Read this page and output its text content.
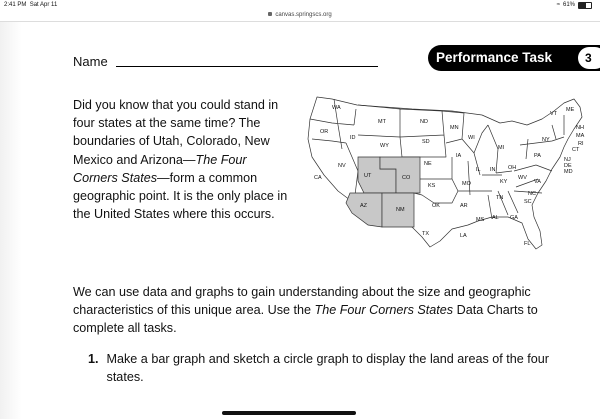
2:41 PM Sat Apr 11	≈ 61%
canvas.springscs.org
Name	Performance Task	3
Did you know that you could stand in four states at the same time? The boundaries of Utah, Colorado, New Mexico and Arizona—The Four Corners States—form a common geographic point. It is the only place in the United States where this occurs.
WA
OR
CA
ID
NV
MT
WY
UT	CO
AZ
NM
ND
SD
NE
KS
OK
TX
MN
IA
MO
AR
LA
WI
IL
MI
IN OH
KY
TN
MS AL GA
FL
SC
NC
VA
WV
PA
NY
VT
ME
NH
MA
RI
CT
NJ
DE
MD
We can use data and graphs to gain understanding about the size and geographic characteristics of this unique area. Use the The Four Corners States Data Charts to complete all tasks.
1. Make a bar graph and sketch a circle graph to display the land areas of the four states.
